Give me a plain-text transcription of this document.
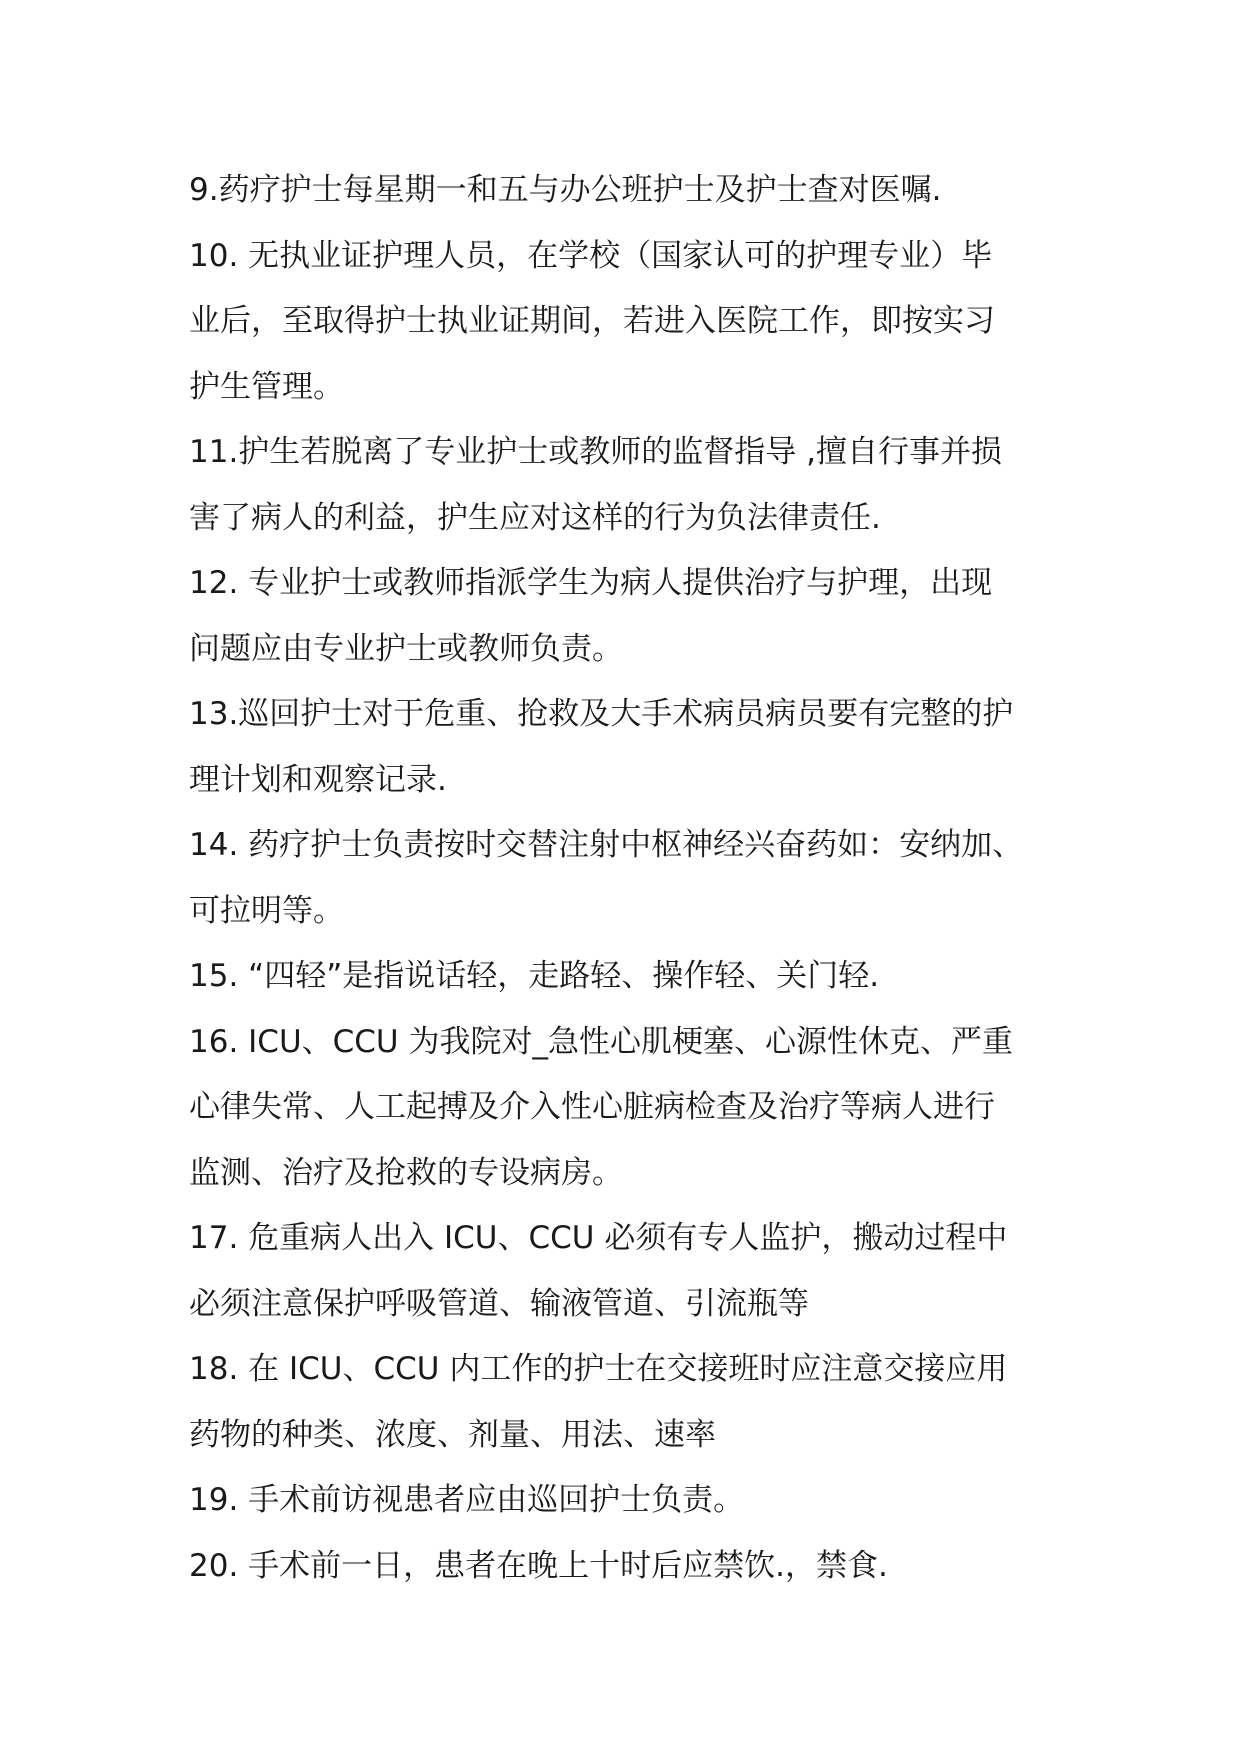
9.药疗护士每星期一和五与办公班护士及护士查对医嘱.
10. 无执业证护理人员，在学校（国家认可的护理专业）毕
业后，至取得护士执业证期间，若进入医院工作，即按实习
护生管理。
11.护生若脱离了专业护士或教师的监督指导 ,擅自行事并损
害了病人的利益，护生应对这样的行为负法律责任.
12. 专业护士或教师指派学生为病人提供治疗与护理，出现
问题应由专业护士或教师负责。
13.巡回护士对于危重、抢救及大手术病员病员要有完整的护
理计划和观察记录.
14. 药疗护士负责按时交替注射中枢神经兴奋药如：安纳加、
可拉明等。
15. “四轻”是指说话轻，走路轻、操作轻、关门轻.
16. ICU、CCU 为我院对_急性心肌梗塞、心源性休克、严重
心律失常、人工起搏及介入性心脏病检查及治疗等病人进行
监测、治疗及抢救的专设病房。
17. 危重病人出入 ICU、CCU 必须有专人监护，搬动过程中
必须注意保护呼吸管道、输液管道、引流瓶等
18. 在 ICU、CCU 内工作的护士在交接班时应注意交接应用
药物的种类、浓度、剂量、用法、速率
19. 手术前访视患者应由巡回护士负责。
20. 手术前一日，患者在晚上十时后应禁饮.，禁食.
